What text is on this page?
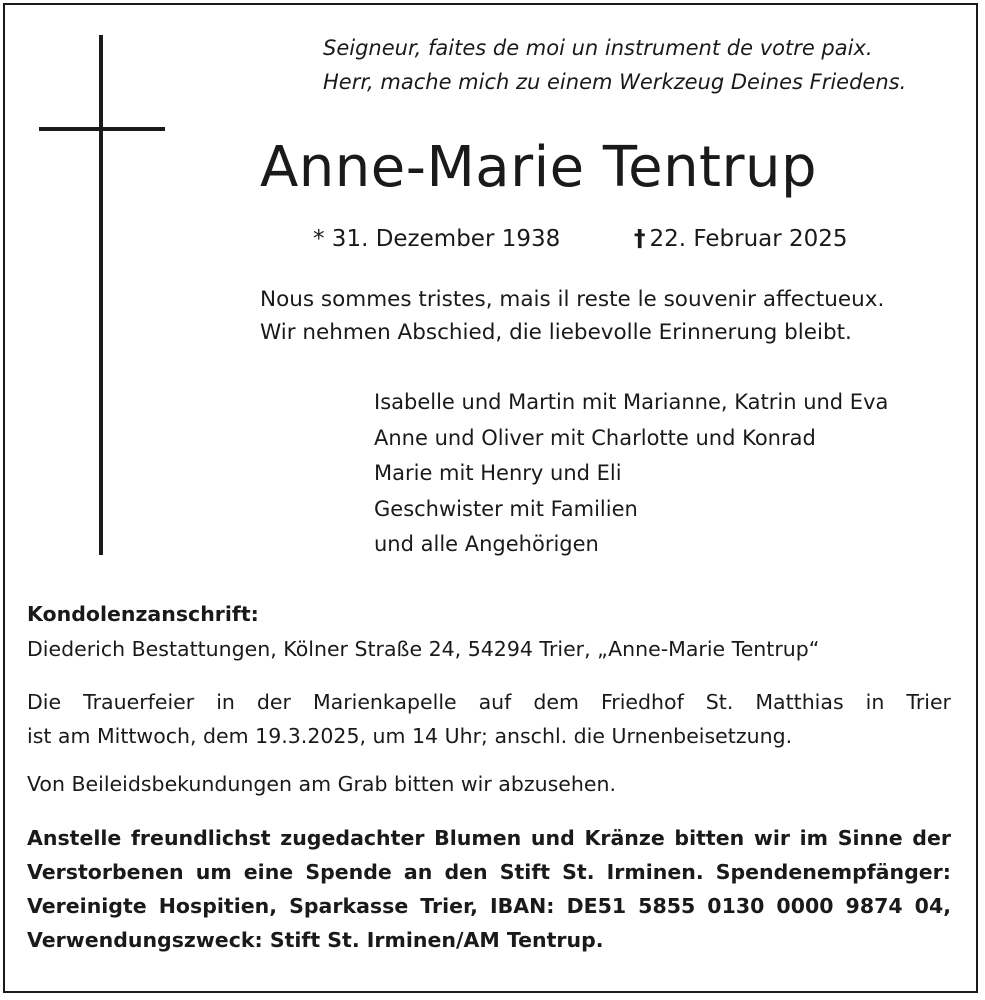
Seigneur, faites de moi un instrument de votre paix.
Herr, mache mich zu einem Werkzeug Deines Friedens.
Anne-Marie Tentrup
* 31. Dezember 1938	† 22. Februar 2025
Nous sommes tristes, mais il reste le souvenir affectueux.
Wir nehmen Abschied, die liebevolle Erinnerung bleibt.
Isabelle und Martin mit Marianne, Katrin und Eva
Anne und Oliver mit Charlotte und Konrad
Marie mit Henry und Eli
Geschwister mit Familien
und alle Angehörigen
Kondolenzanschrift:
Diederich Bestattungen, Kölner Straße 24, 54294 Trier, „Anne-Marie Tentrup“
Die Trauerfeier in der Marienkapelle auf dem Friedhof St. Matthias in Trier
ist am Mittwoch, dem 19.3.2025, um 14 Uhr; anschl. die Urnenbeisetzung.
Von Beileidsbekundungen am Grab bitten wir abzusehen.
Anstelle freundlichst zugedachter Blumen und Kränze bitten wir im Sinne der
Verstorbenen um eine Spende an den Stift St. Irminen. Spendenempfänger:
Vereinigte Hospitien, Sparkasse Trier, IBAN: DE51 5855 0130 0000 9874 04,
Verwendungszweck: Stift St. Irminen/AM Tentrup.
